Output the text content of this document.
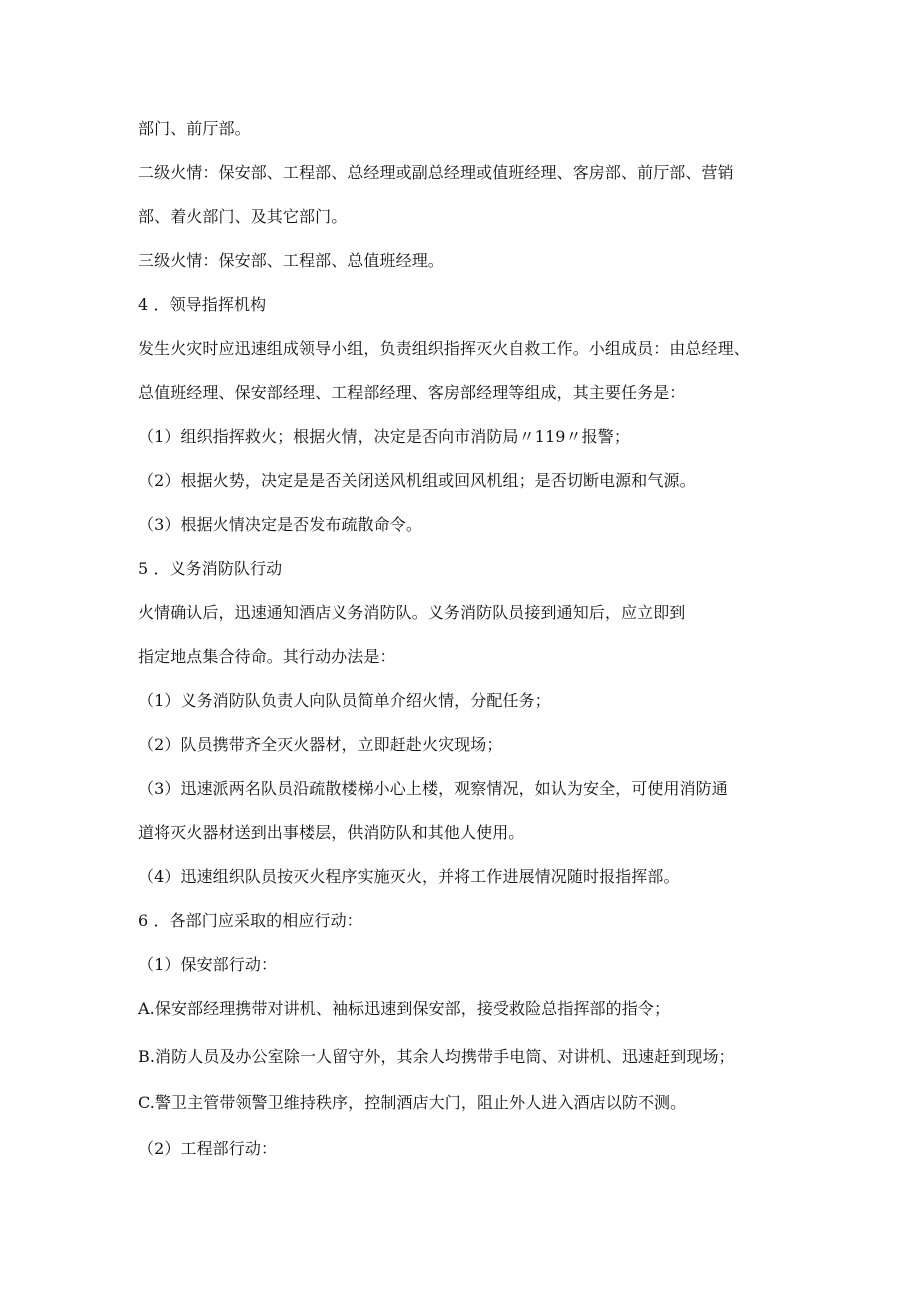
部门、前厅部。
二级火情：保安部、工程部、总经理或副总经理或值班经理、客房部、前厅部、营销
部、着火部门、及其它部门。
三级火情：保安部、工程部、总值班经理。
4 ．领导指挥机构
发生火灾时应迅速组成领导小组，负责组织指挥灭火自救工作。小组成员：由总经理、
总值班经理、保安部经理、工程部经理、客房部经理等组成，其主要任务是：
（1）组织指挥救火；根据火情，决定是否向市消防局〃119〃报警；
（2）根据火势，决定是是否关闭送风机组或回风机组；是否切断电源和气源。
（3）根据火情决定是否发布疏散命令。
5 ．义务消防队行动
火情确认后，迅速通知酒店义务消防队。义务消防队员接到通知后，应立即到
指定地点集合待命。其行动办法是：
（1）义务消防队负责人向队员简单介绍火情，分配任务；
（2）队员携带齐全灭火器材，立即赶赴火灾现场；
（3）迅速派两名队员沿疏散楼梯小心上楼，观察情况，如认为安全，可使用消防通
道将灭火器材送到出事楼层，供消防队和其他人使用。
（4）迅速组织队员按灭火程序实施灭火，并将工作进展情况随时报指挥部。
6 ．各部门应采取的相应行动：
（1）保安部行动：
A.保安部经理携带对讲机、袖标迅速到保安部，接受救险总指挥部的指令；
B.消防人员及办公室除一人留守外，其余人均携带手电筒、对讲机、迅速赶到现场；
C.警卫主管带领警卫维持秩序，控制酒店大门，阻止外人进入酒店以防不测。
（2）工程部行动：
